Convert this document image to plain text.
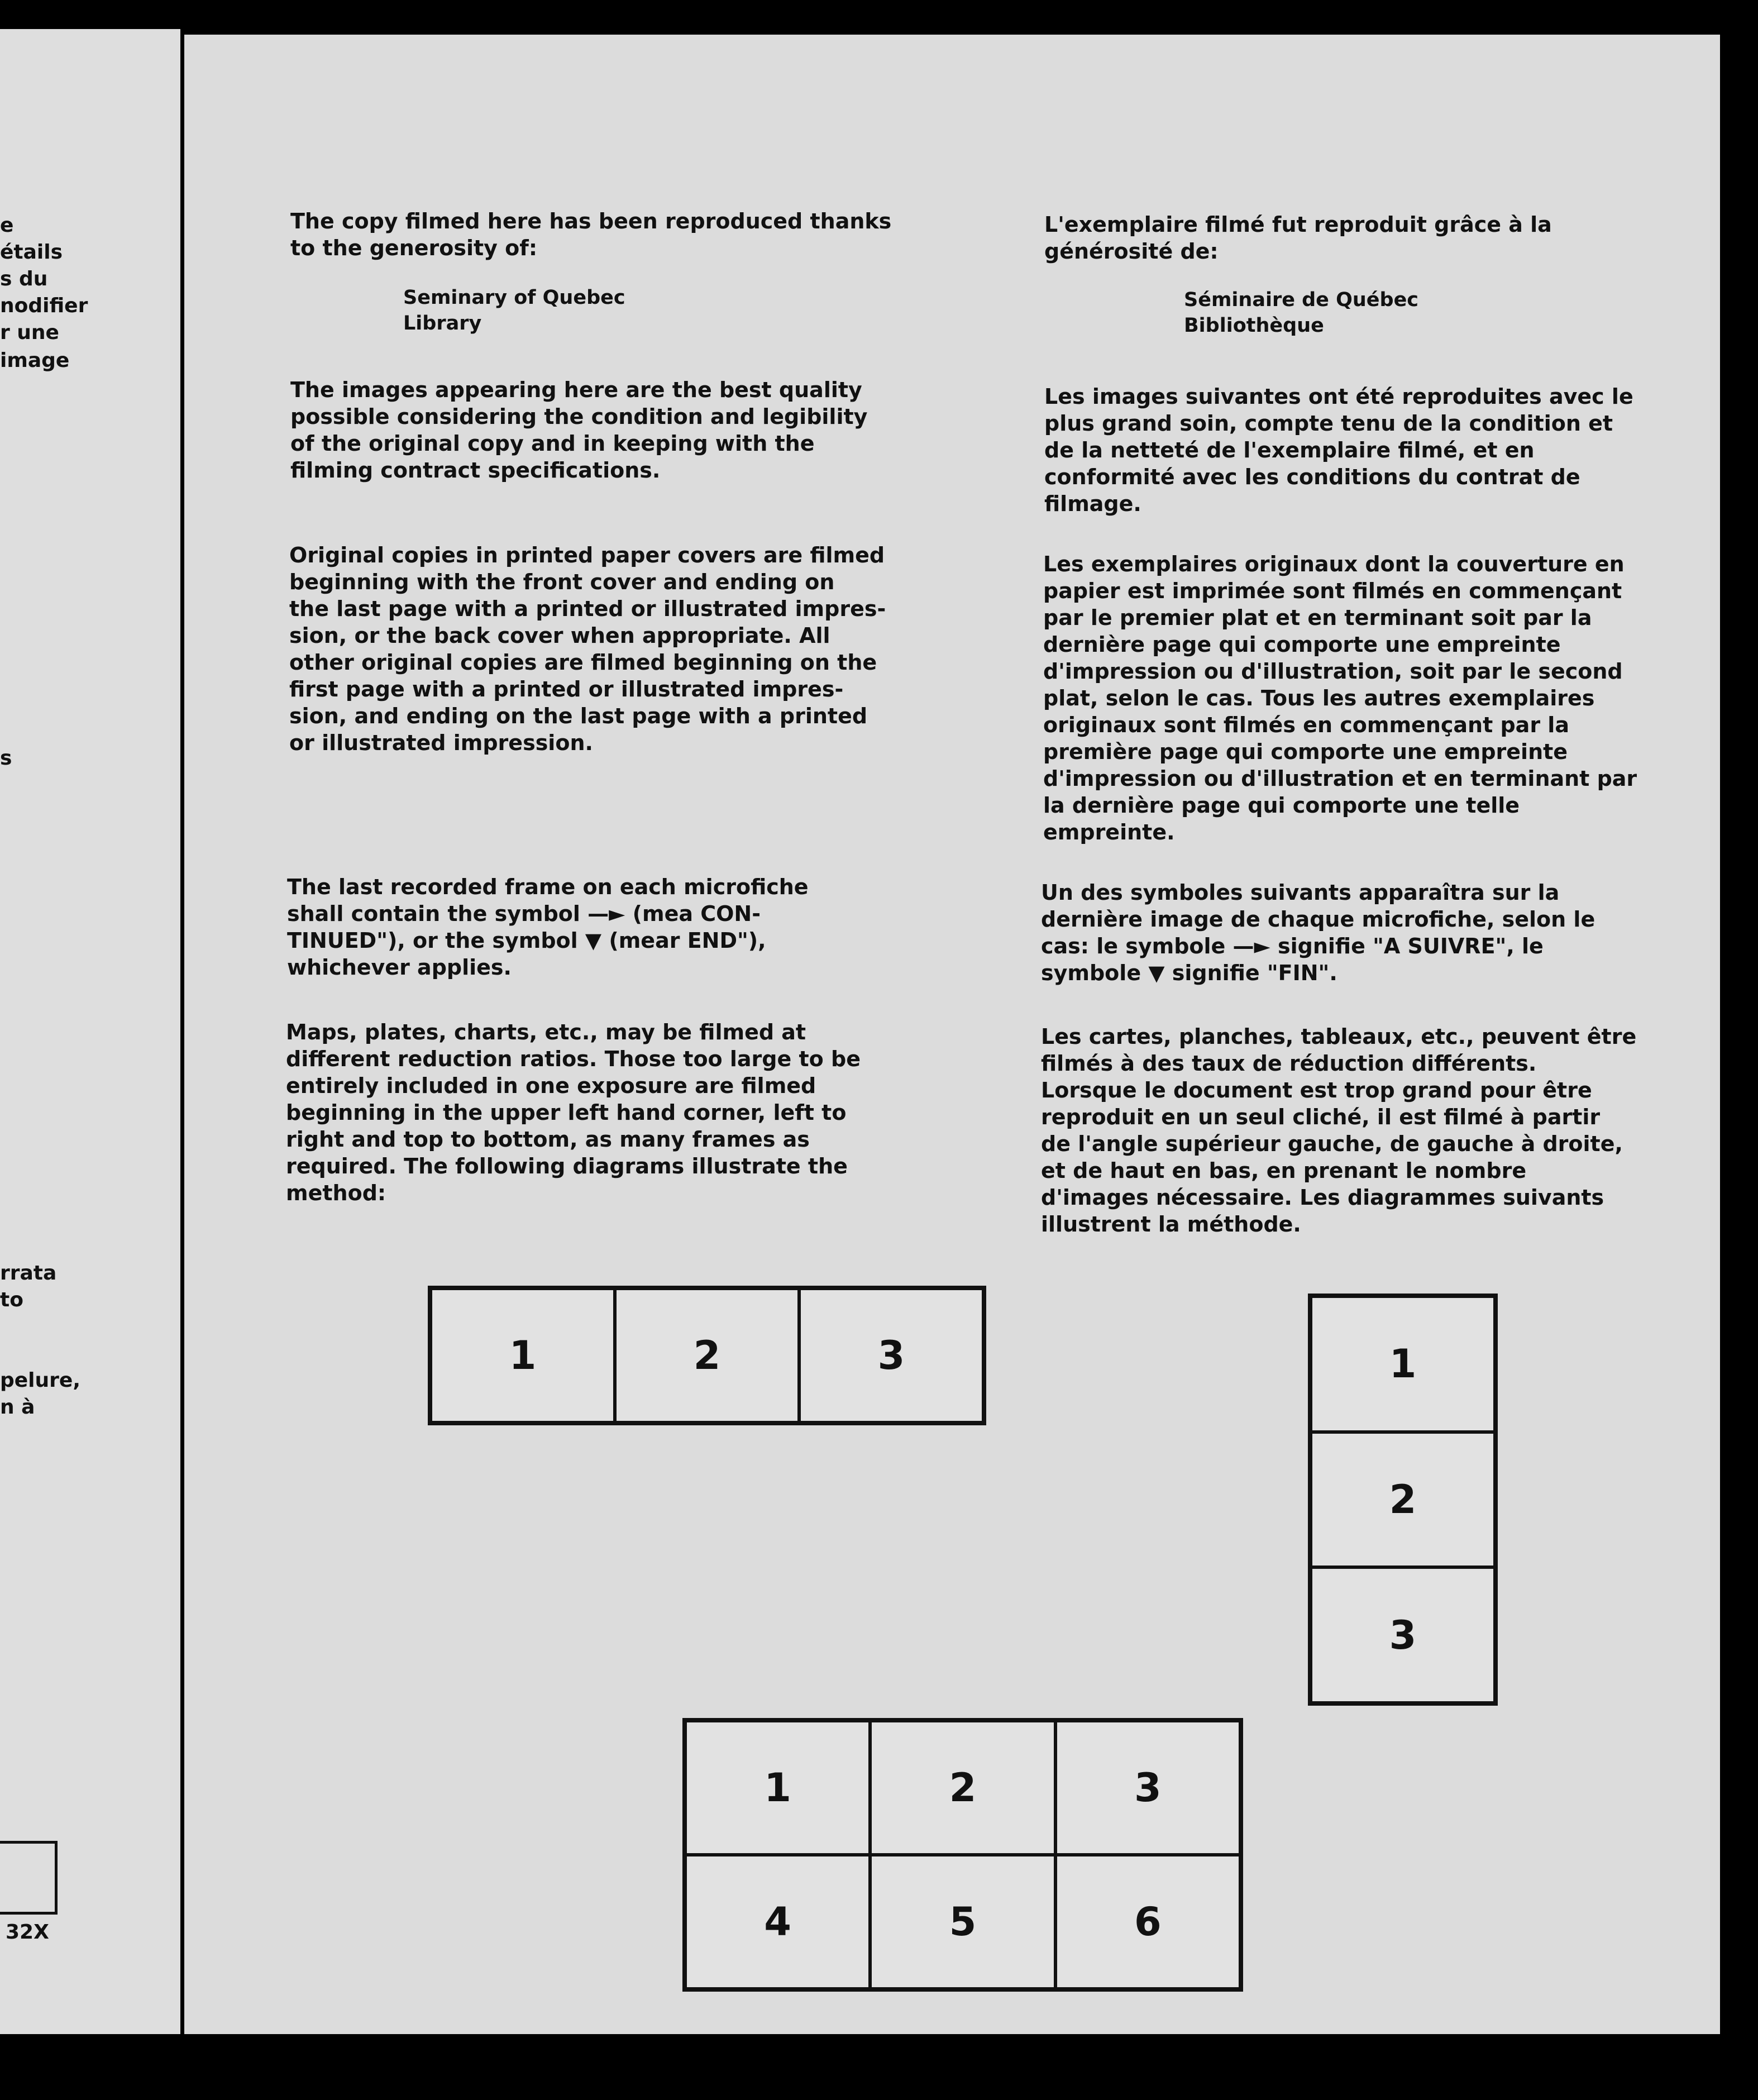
e
étails
s du
nodifier
r une
image
s
rrata
to
pelure,
n à
32X
The copy filmed here has been reproduced thanks
to the generosity of:
Seminary of Quebec
Library
The images appearing here are the best quality
possible considering the condition and legibility
of the original copy and in keeping with the
filming contract specifications.
Original copies in printed paper covers are filmed
beginning with the front cover and ending on
the last page with a printed or illustrated impres-
sion, or the back cover when appropriate. All
other original copies are filmed beginning on the
first page with a printed or illustrated impres-
sion, and ending on the last page with a printed
or illustrated impression.
The last recorded frame on each microfiche
shall contain the symbol —► (mea CON-
TINUED"), or the symbol ▼ (mear END"),
whichever applies.
Maps, plates, charts, etc., may be filmed at
different reduction ratios. Those too large to be
entirely included in one exposure are filmed
beginning in the upper left hand corner, left to
right and top to bottom, as many frames as
required. The following diagrams illustrate the
method:
L'exemplaire filmé fut reproduit grâce à la
générosité de:
Séminaire de Québec
Bibliothèque
Les images suivantes ont été reproduites avec le
plus grand soin, compte tenu de la condition et
de la netteté de l'exemplaire filmé, et en
conformité avec les conditions du contrat de
filmage.
Les exemplaires originaux dont la couverture en
papier est imprimée sont filmés en commençant
par le premier plat et en terminant soit par la
dernière page qui comporte une empreinte
d'impression ou d'illustration, soit par le second
plat, selon le cas. Tous les autres exemplaires
originaux sont filmés en commençant par la
première page qui comporte une empreinte
d'impression ou d'illustration et en terminant par
la dernière page qui comporte une telle
empreinte.
Un des symboles suivants apparaîtra sur la
dernière image de chaque microfiche, selon le
cas: le symbole —► signifie "A SUIVRE", le
symbole ▼ signifie "FIN".
Les cartes, planches, tableaux, etc., peuvent être
filmés à des taux de réduction différents.
Lorsque le document est trop grand pour être
reproduit en un seul cliché, il est filmé à partir
de l'angle supérieur gauche, de gauche à droite,
et de haut en bas, en prenant le nombre
d'images nécessaire. Les diagrammes suivants
illustrent la méthode.
1	2	3	1
2
3
1	2	3
4	5	6
